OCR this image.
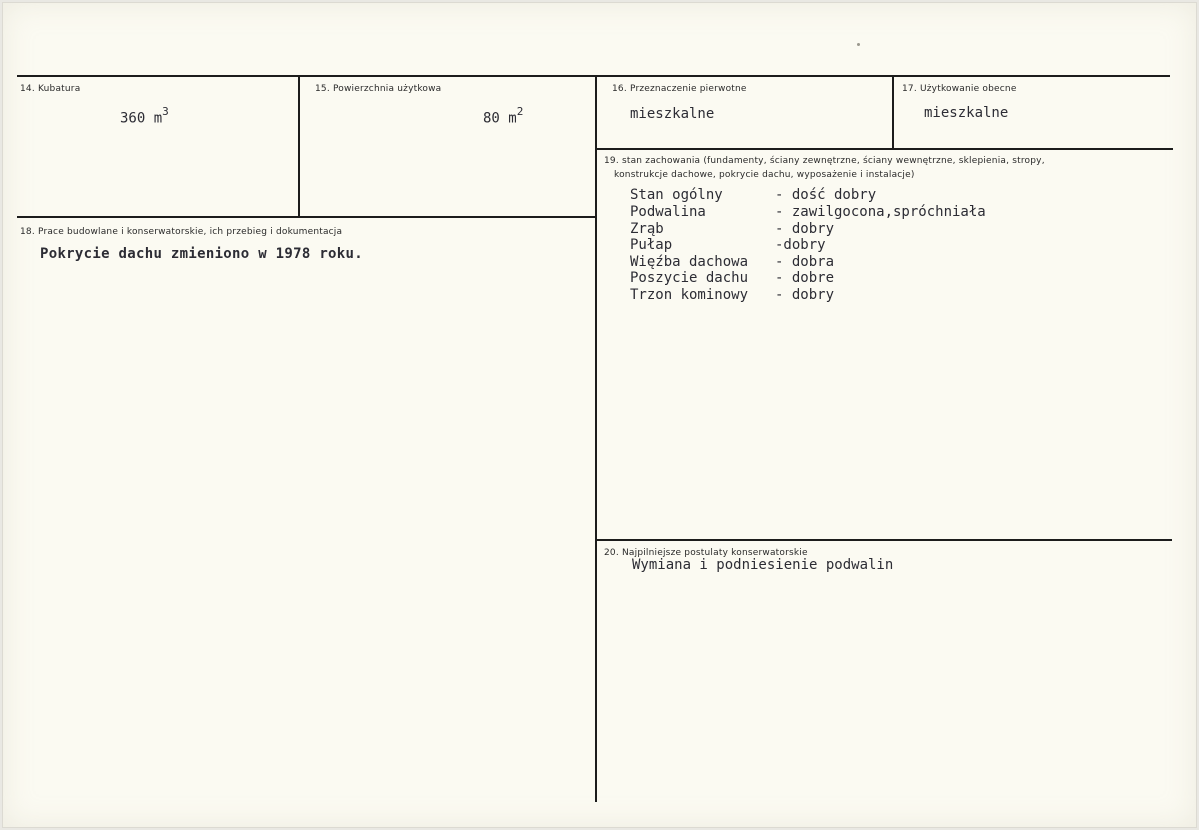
14. Kubatura
360 $m^3$
15. Powierzchnia użytkowa
80 $m^2$
16. Przeznaczenie pierwotne
mieszkalne
17. Użytkowanie obecne
mieszkalne
18. Prace budowlane i konserwatorskie, ich przebieg i dokumentacja
Pokrycie dachu zmieniono w 1978 roku.
19. stan zachowania (fundamenty, ściany zewnętrzne, ściany wewnętrzne, sklepienia, stropy,
konstrukcje dachowe, pokrycie dachu, wyposażenie i instalacje)
Stan ogólny	- dość dobry
Podwalina	- zawilgocona,spróchniała
Zrąb	- dobry
Pułap	-dobry
Więźba dachowa - dobra
Poszycie dachu - dobre
Trzon kominowy - dobry
20. Najpilniejsze postulaty konserwatorskie
Wymiana i podniesienie podwalin
